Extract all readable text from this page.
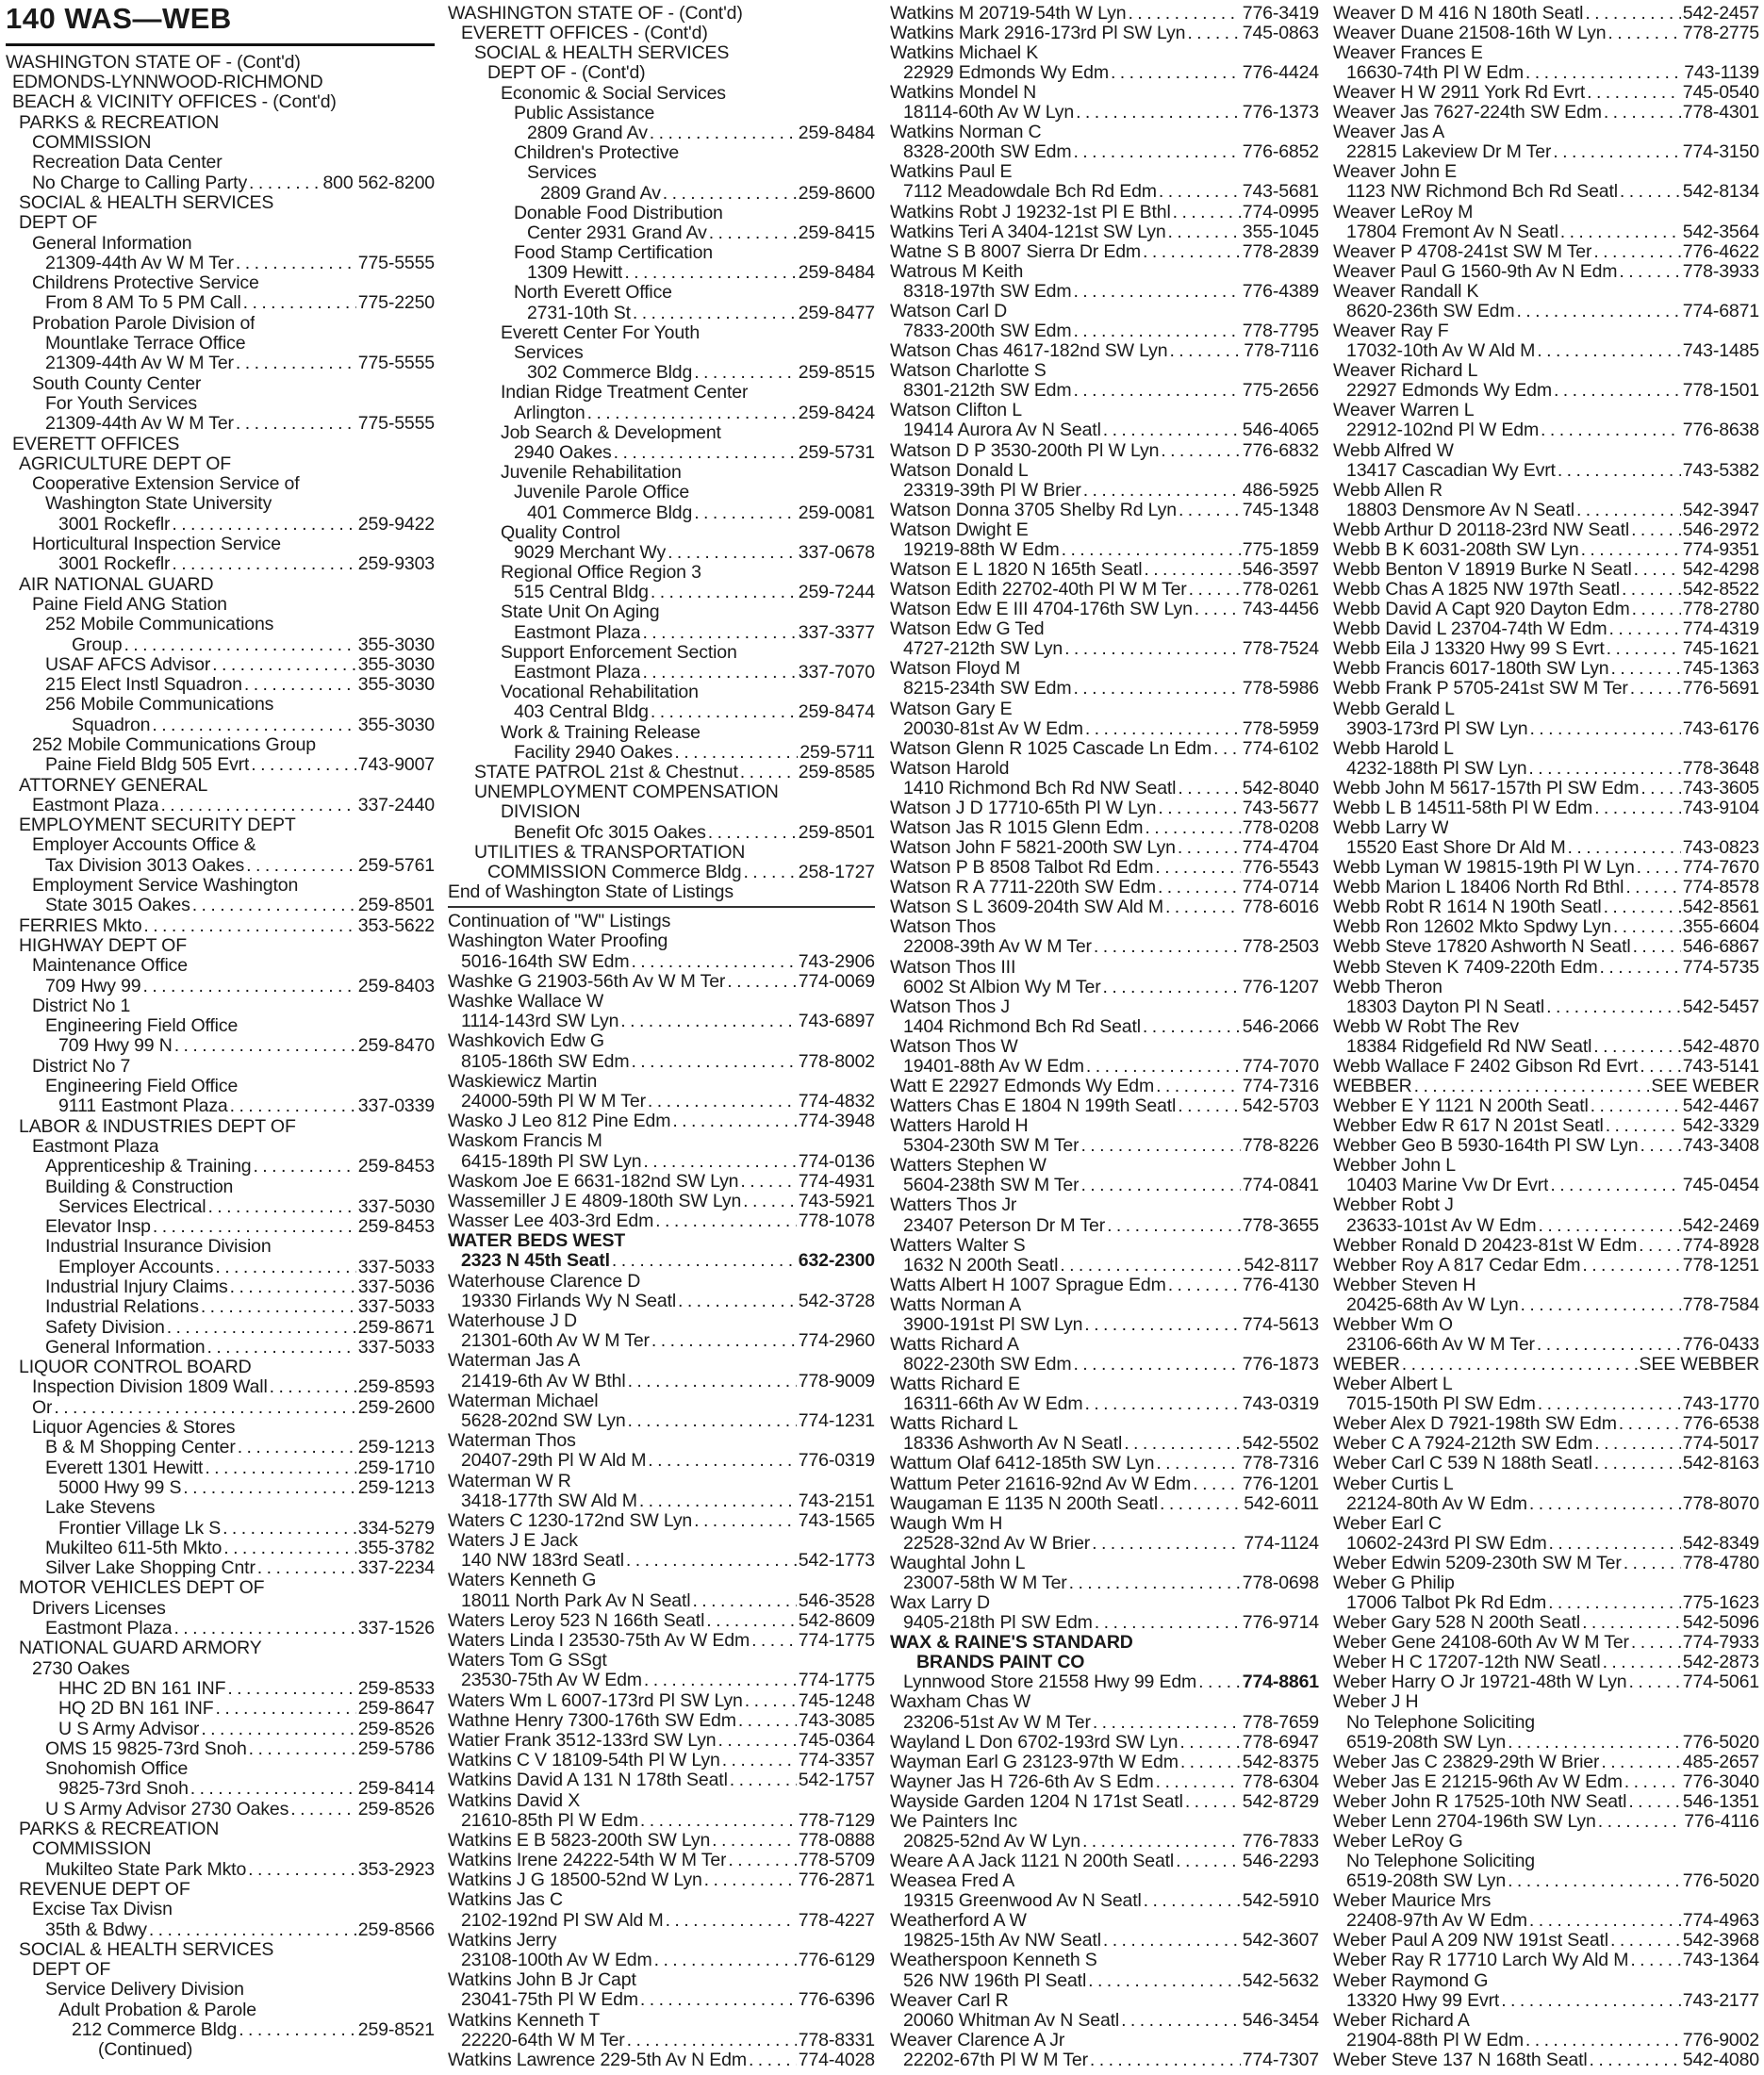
140 WAS—WEB
WASHINGTON STATE OF - (Cont'd)
EDMONDS-LYNNWOOD-RICHMOND
BEACH & VICINITY OFFICES - (Cont'd)
PARKS & RECREATION
COMMISSION
Recreation Data Center
No Charge to Calling Party . . .	800 562-8200
SOCIAL & HEALTH SERVICES
DEPT OF
General Information
21309-44th Av W M Ter . . .	775-5555
Childrens Protective Service
From 8 AM To 5 PM Call . . .	775-2250
Probation Parole Division of
Mountlake Terrace Office
21309-44th Av W M Ter . . .	775-5555
South County Center
For Youth Services
21309-44th Av W M Ter . . .	775-5555
EVERETT OFFICES
AGRICULTURE DEPT OF
Cooperative Extension Service of
Washington State University
3001 Rockeflr . . .	259-9422
Horticultural Inspection Service
3001 Rockeflr . . .	259-9303
AIR NATIONAL GUARD
Paine Field ANG Station
252 Mobile Communications
Group . . .	355-3030
USAF AFCS Advisor . . .	355-3030
215 Elect Instl Squadron . . .	355-3030
256 Mobile Communications
Squadron . . .	355-3030
252 Mobile Communications Group
Paine Field Bldg 505 Evrt . . .	743-9007
ATTORNEY GENERAL
Eastmont Plaza . . .	337-2440
EMPLOYMENT SECURITY DEPT
Employer Accounts Office &
Tax Division 3013 Oakes . . .	259-5761
Employment Service Washington
State 3015 Oakes . . .	259-8501
FERRIES Mkto . . .	353-5622
HIGHWAY DEPT OF
Maintenance Office
709 Hwy 99 . . .	259-8403
District No 1
Engineering Field Office
709 Hwy 99 N . . .	259-8470
District No 7
Engineering Field Office
9111 Eastmont Plaza . . .	337-0339
LABOR & INDUSTRIES DEPT OF
Eastmont Plaza
Apprenticeship & Training . . .	259-8453
Building & Construction
Services Electrical . . .	337-5030
Elevator Insp . . .	259-8453
Industrial Insurance Division
Employer Accounts . . .	337-5033
Industrial Injury Claims . . .	337-5036
Industrial Relations . . .	337-5033
Safety Division . . .	259-8671
General Information . . .	337-5033
LIQUOR CONTROL BOARD
Inspection Division 1809 Wall . . .	259-8593
Or . . .	259-2600
Liquor Agencies & Stores
B & M Shopping Center . . .	259-1213
Everett 1301 Hewitt . . .	259-1710
5000 Hwy 99 S . . .	259-1213
Lake Stevens
Frontier Village Lk S . . .	334-5279
Mukilteo 611-5th Mkto . . .	355-3782
Silver Lake Shopping Cntr . . .	337-2234
MOTOR VEHICLES DEPT OF
Drivers Licenses
Eastmont Plaza . . .	337-1526
NATIONAL GUARD ARMORY
2730 Oakes
HHC 2D BN 161 INF . . .	259-8533
HQ 2D BN 161 INF . . .	259-8647
U S Army Advisor . . .	259-8526
OMS 15 9825-73rd Snoh . . .	259-5786
Snohomish Office
9825-73rd Snoh . . .	259-8414
U S Army Advisor 2730 Oakes . . .	259-8526
PARKS & RECREATION
COMMISSION
Mukilteo State Park Mkto . . .	353-2923
REVENUE DEPT OF
Excise Tax Divisn
35th & Bdwy . . .	259-8566
SOCIAL & HEALTH SERVICES
DEPT OF
Service Delivery Division
Adult Probation & Parole
212 Commerce Bldg . . .	259-8521
(Continued)
WASHINGTON STATE OF - (Cont'd)
EVERETT OFFICES - (Cont'd)
SOCIAL & HEALTH SERVICES
DEPT OF - (Cont'd)
Economic & Social Services
Public Assistance
2809 Grand Av . . .	259-8484
Children's Protective
Services
2809 Grand Av . . .	259-8600
Donable Food Distribution
Center 2931 Grand Av . . .	259-8415
Food Stamp Certification
1309 Hewitt . . .	259-8484
North Everett Office
2731-10th St . . .	259-8477
Everett Center For Youth
Services
302 Commerce Bldg . . .	259-8515
Indian Ridge Treatment Center
Arlington . . .	259-8424
Job Search & Development
2940 Oakes . . .	259-5731
Juvenile Rehabilitation
Juvenile Parole Office
401 Commerce Bldg . . .	259-0081
Quality Control
9029 Merchant Wy . . .	337-0678
Regional Office Region 3
515 Central Bldg . . .	259-7244
State Unit On Aging
Eastmont Plaza . . .	337-3377
Support Enforcement Section
Eastmont Plaza . . .	337-7070
Vocational Rehabilitation
403 Central Bldg . . .	259-8474
Work & Training Release
Facility 2940 Oakes . . .	259-5711
STATE PATROL 21st & Chestnut . . .	259-8585
UNEMPLOYMENT COMPENSATION
DIVISION
Benefit Ofc 3015 Oakes . . .	259-8501
UTILITIES & TRANSPORTATION
COMMISSION Commerce Bldg . . .	258-1727
End of Washington State of Listings
Continuation of "W" Listings
Washington Water Proofing
5016-164th SW Edm . . .	743-2906
Washke G 21903-56th Av W M Ter . . .	774-0069
Washke Wallace W
1114-143rd SW Lyn . . .	743-6897
Washkovich Edw G
8105-186th SW Edm . . .	778-8002
Waskiewicz Martin
24000-59th Pl W M Ter . . .	774-4832
Wasko J Leo 812 Pine Edm . . .	774-3948
Waskom Francis M
6415-189th Pl SW Lyn . . .	774-0136
Waskom Joe E 6631-182nd SW Lyn . . .	774-4931
Wassemiller J E 4809-180th SW Lyn . . .	743-5921
Wasser Lee 403-3rd Edm . . .	778-1078
WATER BEDS WEST
2323 N 45th Seatl . . .	632-2300
Waterhouse Clarence D
19330 Firlands Wy N Seatl . . .	542-3728
Waterhouse J D
21301-60th Av W M Ter . . .	774-2960
Waterman Jas A
21419-6th Av W Bthl . . .	778-9009
Waterman Michael
5628-202nd SW Lyn . . .	774-1231
Waterman Thos
20407-29th Pl W Ald M . . .	776-0319
Waterman W R
3418-177th SW Ald M . . .	743-2151
Waters C 1230-172nd SW Lyn . . .	743-1565
Waters J E Jack
140 NW 183rd Seatl . . .	542-1773
Waters Kenneth G
18011 North Park Av N Seatl . . .	546-3528
Waters Leroy 523 N 166th Seatl . . .	542-8609
Waters Linda I 23530-75th Av W Edm . . .	774-1775
Waters Tom G SSgt
23530-75th Av W Edm . . .	774-1775
Waters Wm L 6007-173rd Pl SW Lyn . . .	745-1248
Wathne Henry 7300-176th SW Edm . . .	743-3085
Watier Frank 3512-133rd SW Lyn . . .	745-0364
Watkins C V 18109-54th Pl W Lyn . . .	774-3357
Watkins David A 131 N 178th Seatl . . .	542-1757
Watkins David X
21610-85th Pl W Edm . . .	778-7129
Watkins E B 5823-200th SW Lyn . . .	778-0888
Watkins Irene 24222-54th W M Ter . . .	778-5709
Watkins J G 18500-52nd W Lyn . . .	776-2871
Watkins Jas C
2102-192nd Pl SW Ald M . . .	778-4227
Watkins Jerry
23108-100th Av W Edm . . .	776-6129
Watkins John B Jr Capt
23041-75th Pl W Edm . . .	776-6396
Watkins Kenneth T
22220-64th W M Ter . . .	778-8331
Watkins Lawrence 229-5th Av N Edm . . .	774-4028
Watkins M 20719-54th W Lyn . . .	776-3419
Watkins Mark 2916-173rd Pl SW Lyn . . .	745-0863
Watkins Michael K
22929 Edmonds Wy Edm . . .	776-4424
Watkins Mondel N
18114-60th Av W Lyn . . .	776-1373
Watkins Norman C
8328-200th SW Edm . . .	776-6852
Watkins Paul E
7112 Meadowdale Bch Rd Edm . . .	743-5681
Watkins Robt J 19232-1st Pl E Bthl . . .	774-0995
Watkins Teri A 3404-121st SW Lyn . . .	355-1045
Watne S B 8007 Sierra Dr Edm . . .	778-2839
Watrous M Keith
8318-197th SW Edm . . .	776-4389
Watson Carl D
7833-200th SW Edm . . .	778-7795
Watson Chas 4617-182nd SW Lyn . . .	778-7116
Watson Charlotte S
8301-212th SW Edm . . .	775-2656
Watson Clifton L
19414 Aurora Av N Seatl . . .	546-4065
Watson D P 3530-200th Pl W Lyn . . .	776-6832
Watson Donald L
23319-39th Pl W Brier . . .	486-5925
Watson Donna 3705 Shelby Rd Lyn . . .	745-1348
Watson Dwight E
19219-88th W Edm . . .	775-1859
Watson E L 1820 N 165th Seatl . . .	546-3597
Watson Edith 22702-40th Pl W M Ter . . .	778-0261
Watson Edw E III 4704-176th SW Lyn . . .	743-4456
Watson Edw G Ted
4727-212th SW Lyn . . .	778-7524
Watson Floyd M
8215-234th SW Edm . . .	778-5986
Watson Gary E
20030-81st Av W Edm . . .	778-5959
Watson Glenn R 1025 Cascade Ln Edm . . . 774-6102
Watson Harold
1410 Richmond Bch Rd NW Seatl . . .	542-8040
Watson J D 17710-65th Pl W Lyn . . .	743-5677
Watson Jas R 1015 Glenn Edm . . .	778-0208
Watson John F 5821-200th SW Lyn . . .	774-4704
Watson P B 8508 Talbot Rd Edm . . .	776-5543
Watson R A 7711-220th SW Edm . . .	774-0714
Watson S L 3609-204th SW Ald M . . .	778-6016
Watson Thos
22008-39th Av W M Ter . . .	778-2503
Watson Thos III
6002 St Albion Wy M Ter . . .	776-1207
Watson Thos J
1404 Richmond Bch Rd Seatl . . .	546-2066
Watson Thos W
19401-88th Av W Edm . . .	774-7070
Watt E 22927 Edmonds Wy Edm . . .	774-7316
Watters Chas E 1804 N 199th Seatl . . .	542-5703
Watters Harold H
5304-230th SW M Ter . . .	778-8226
Watters Stephen W
5604-238th SW M Ter . . .	774-0841
Watters Thos Jr
23407 Peterson Dr M Ter . . .	778-3655
Watters Walter S
1632 N 200th Seatl . . .	542-8117
Watts Albert H 1007 Sprague Edm . . .	776-4130
Watts Norman A
3900-191st Pl SW Lyn . . .	774-5613
Watts Richard A
8022-230th SW Edm . . .	776-1873
Watts Richard E
16311-66th Av W Edm . . .	743-0319
Watts Richard L
18336 Ashworth Av N Seatl . . .	542-5502
Wattum Olaf 6412-185th SW Lyn . . .	778-7316
Wattum Peter 21616-92nd Av W Edm . . .	776-1201
Waugaman E 1135 N 200th Seatl . . .	542-6011
Waugh Wm H
22528-32nd Av W Brier . . .	774-1124
Waughtal John L
23007-58th W M Ter . . .	778-0698
Wax Larry D
9405-218th Pl SW Edm . . .	776-9714
WAX & RAINE'S STANDARD
BRANDS PAINT CO
Lynnwood Store 21558 Hwy 99 Edm . . . 774-8861
Waxham Chas W
23206-51st Av W M Ter . . .	778-7659
Wayland L Don 6702-193rd SW Lyn . . .	778-6947
Wayman Earl G 23123-97th W Edm . . .	542-8375
Wayner Jas H 726-6th Av S Edm . . .	778-6304
Wayside Garden 1204 N 171st Seatl . . .	542-8729
We Painters Inc
20825-52nd Av W Lyn . . .	776-7833
Weare A A Jack 1121 N 200th Seatl . . .	546-2293
Weasea Fred A
19315 Greenwood Av N Seatl . . .	542-5910
Weatherford A W
19825-15th Av NW Seatl . . .	542-3607
Weatherspoon Kenneth S
526 NW 196th Pl Seatl . . .	542-5632
Weaver Carl R
20060 Whitman Av N Seatl . . .	546-3454
Weaver Clarence A Jr
22202-67th Pl W M Ter . . .	774-7307
Weaver D M 416 N 180th Seatl . . .	542-2457
Weaver Duane 21508-16th W Lyn . . .	778-2775
Weaver Frances E
16630-74th Pl W Edm . . .	743-1139
Weaver H W 2911 York Rd Evrt . . .	745-0540
Weaver Jas 7627-224th SW Edm . . .	778-4301
Weaver Jas A
22815 Lakeview Dr M Ter . . .	774-3150
Weaver John E
1123 NW Richmond Bch Rd Seatl . . .	542-8134
Weaver LeRoy M
17804 Fremont Av N Seatl . . .	542-3564
Weaver P 4708-241st SW M Ter . . .	776-4622
Weaver Paul G 1560-9th Av N Edm . . .	778-3933
Weaver Randall K
8620-236th SW Edm . . .	774-6871
Weaver Ray F
17032-10th Av W Ald M . . .	743-1485
Weaver Richard L
22927 Edmonds Wy Edm . . .	778-1501
Weaver Warren L
22912-102nd Pl W Edm . . .	776-8638
Webb Alfred W
13417 Cascadian Wy Evrt . . .	743-5382
Webb Allen R
18803 Densmore Av N Seatl . . .	542-3947
Webb Arthur D 20118-23rd NW Seatl . . .	546-2972
Webb B K 6031-208th SW Lyn . . .	774-9351
Webb Benton V 18919 Burke N Seatl . . .	542-4298
Webb Chas A 1825 NW 197th Seatl . . .	542-8522
Webb David A Capt 920 Dayton Edm . . .	778-2780
Webb David L 23704-74th W Edm . . .	774-4319
Webb Eila J 13320 Hwy 99 S Evrt . . .	745-1621
Webb Francis 6017-180th SW Lyn . . .	745-1363
Webb Frank P 5705-241st SW M Ter . . .	776-5691
Webb Gerald L
3903-173rd Pl SW Lyn . . .	743-6176
Webb Harold L
4232-188th Pl SW Lyn . . .	778-3648
Webb John M 5617-157th Pl SW Edm . . . 743-3605
Webb L B 14511-58th Pl W Edm . . .	743-9104
Webb Larry W
15520 East Shore Dr Ald M . . .	743-0823
Webb Lyman W 19815-19th Pl W Lyn . . .	774-7670
Webb Marion L 18406 North Rd Bthl . . .	774-8578
Webb Robt R 1614 N 190th Seatl . . .	542-8561
Webb Ron 12602 Mkto Spdwy Lyn . . .	355-6604
Webb Steve 17820 Ashworth N Seatl . . .	546-6867
Webb Steven K 7409-220th Edm . . .	774-5735
Webb Theron
18303 Dayton Pl N Seatl . . .	542-5457
Webb W Robt The Rev
18384 Ridgefield Rd NW Seatl . . .	542-4870
Webb Wallace F 2402 Gibson Rd Evrt . . . 743-5141
WEBBER . . .	SEE WEBER
Webber E Y 1121 N 200th Seatl . . .	542-4467
Webber Edw R 617 N 201st Seatl . . .	542-3329
Webber Geo B 5930-164th Pl SW Lyn . . . 743-3408
Webber John L
10403 Marine Vw Dr Evrt . . .	745-0454
Webber Robt J
23633-101st Av W Edm . . .	542-2469
Webber Ronald D 20423-81st W Edm . . . 774-8928
Webber Roy A 817 Cedar Edm . . .	778-1251
Webber Steven H
20425-68th Av W Lyn . . .	778-7584
Webber Wm O
23106-66th Av W M Ter . . .	776-0433
WEBER . . .	SEE WEBBER
Weber Albert L
7015-150th Pl SW Edm . . .	743-1770
Weber Alex D 7921-198th SW Edm . . .	776-6538
Weber C A 7924-212th SW Edm . . .	774-5017
Weber Carl C 539 N 188th Seatl . . .	542-8163
Weber Curtis L
22124-80th Av W Edm . . .	778-8070
Weber Earl C
10602-243rd Pl SW Edm . . .	542-8349
Weber Edwin 5209-230th SW M Ter . . .	778-4780
Weber G Philip
17006 Talbot Pk Rd Edm . . .	775-1623
Weber Gary 528 N 200th Seatl . . .	542-5096
Weber Gene 24108-60th Av W M Ter . . .	774-7933
Weber H C 17207-12th NW Seatl . . .	542-2873
Weber Harry O Jr 19721-48th W Lyn . . .	774-5061
Weber J H
No Telephone Soliciting
6519-208th SW Lyn . . .	776-5020
Weber Jas C 23829-29th W Brier . . .	485-2657
Weber Jas E 21215-96th Av W Edm . . .	776-3040
Weber John R 17525-10th NW Seatl . . .	546-1351
Weber Lenn 2704-196th SW Lyn . . .	776-4116
Weber LeRoy G
No Telephone Soliciting
6519-208th SW Lyn . . .	776-5020
Weber Maurice Mrs
22408-97th Av W Edm . . .	774-4963
Weber Paul A 209 NW 191st Seatl . . .	542-3968
Weber Ray R 17710 Larch Wy Ald M . . .	743-1364
Weber Raymond G
13320 Hwy 99 Evrt . . .	743-2177
Weber Richard A
21904-88th Pl W Edm . . .	776-9002
Weber Steve 137 N 168th Seatl . . .	542-4080
